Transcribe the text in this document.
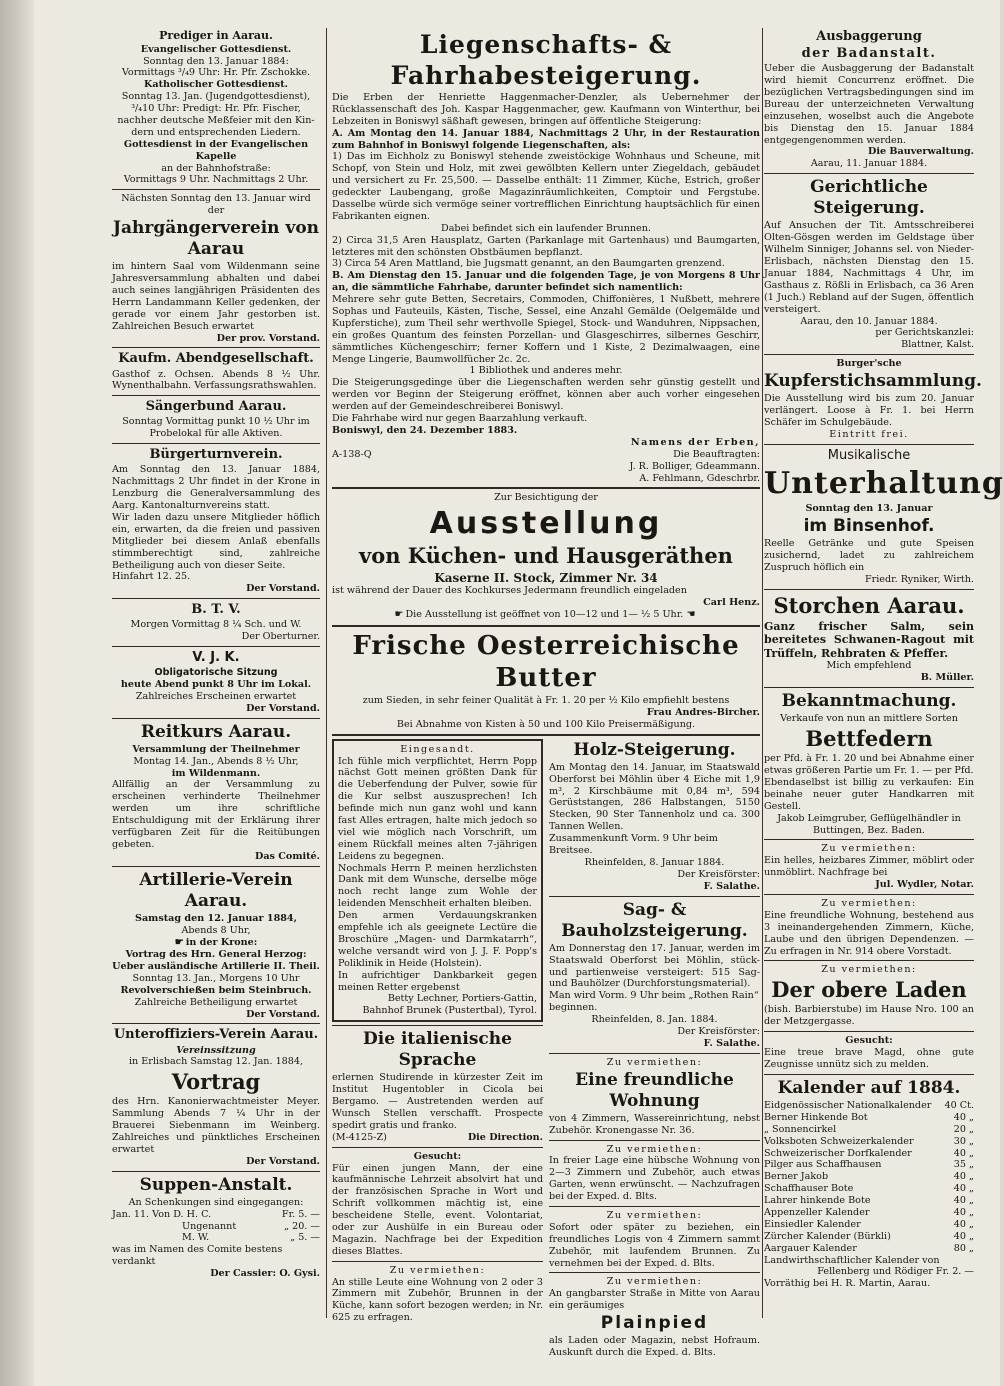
Prediger in Aarau.
Evangelischer Gottesdienst.
Sonntag den 13. Januar 1884:
Vormittags ³/₄9 Uhr: Hr. Pfr. Zschokke.
Katholischer Gottesdienst.
Sonntag 13. Jan. (Jugendgottesdienst),
³/₄10 Uhr: Predigt: Hr. Pfr. Fischer,
nachher deutsche Meßfeier mit den Kin-
dern und entsprechenden Liedern.
Gottesdienst in der Evangelischen Kapelle
an der Bahnhofstraße:
Vormittags 9 Uhr. Nachmittags 2 Uhr.
Nächsten Sonntag den 13. Januar wird der
Jahrgängerverein von Aarau
im hintern Saal vom Wildenmann seine Jahresversammlung abhalten und dabei auch seines langjährigen Präsidenten des Herrn Landammann Keller gedenken, der gerade vor einem Jahr gestorben ist. Zahlreichen Besuch erwartet
Der prov. Vorstand.
Kaufm. Abendgesellschaft.
Gasthof z. Ochsen. Abends 8 ½ Uhr. Wynenthalbahn. Verfassungsrathswahlen.
Sängerbund Aarau.
Sonntag Vormittag punkt 10 ½ Uhr im Probelokal für alle Aktiven.
Bürgerturnverein.
Am Sonntag den 13. Januar 1884, Nachmittags 2 Uhr findet in der Krone in Lenzburg die Generalversammlung des Aarg. Kantonalturnvereins statt.
Wir laden dazu unsere Mitglieder höflich ein, erwarten, da die freien und passiven Mitglieder bei diesem Anlaß ebenfalls stimmberechtigt sind, zahlreiche Betheiligung auch von dieser Seite.
Hinfahrt 12. 25.
Der Vorstand.
B. T. V.
Morgen Vormittag 8 ¼ Sch. und W.
Der Oberturner.
V. J. K.
Obligatorische Sitzung
heute Abend punkt 8 Uhr im Lokal.
Zahlreiches Erscheinen erwartet
Der Vorstand.
Reitkurs Aarau.
Versammlung der Theilnehmer
Montag 14. Jan., Abends 8 ½ Uhr,
im Wildenmann.
Allfällig an der Versammlung zu erscheinen verhinderte Theilnehmer werden um ihre schriftliche Entschuldigung mit der Erklärung ihrer verfügbaren Zeit für die Reitübungen gebeten.
Das Comité.
Artillerie-Verein Aarau.
Samstag den 12. Januar 1884,
Abends 8 Uhr,
☛ in der Krone:
Vortrag des Hrn. General Herzog:
Ueber ausländische Artillerie II. Theil.
Sonntag 13. Jan., Morgens 10 Uhr
Revolverschießen beim Steinbruch.
Zahlreiche Betheiligung erwartet
Der Vorstand.
Unteroffiziers-Verein Aarau.
Vereinssitzung
in Erlisbach Samstag 12. Jan. 1884,
Vortrag
des Hrn. Kanonierwachtmeister Meyer. Sammlung Abends 7 ¼ Uhr in der Brauerei Siebenmann im Weinberg. Zahlreiches und pünktliches Erscheinen erwartet
Der Vorstand.
Suppen-Anstalt.
An Schenkungen sind eingegangen:
Jan. 11. Von D. H. C.	Fr. 5. —
Ungenannt	„ 20. —
M. W.	„ 5. —
was im Namen des Comite bestens verdankt
Der Cassier: O. Gysi.
Liegenschafts- & Fahrhabesteigerung.
Die Erben der Henriette Haggenmacher-Denzler, als Uebernehmer der Rücklassenschaft des Joh. Kaspar Haggenmacher, gew. Kaufmann von Winterthur, bei Lebzeiten in Boniswyl säßhaft gewesen, bringen auf öffentliche Steigerung:
A. Am Montag den 14. Januar 1884, Nachmittags 2 Uhr, in der Restauration zum Bahnhof in Boniswyl folgende Liegenschaften, als:
1) Das im Eichholz zu Boniswyl stehende zweistöckige Wohnhaus und Scheune, mit Schopf, von Stein und Holz, mit zwei gewölbten Kellern unter Ziegeldach, gebäudet und versichert zu Fr. 25,500. — Dasselbe enthält: 11 Zimmer, Küche, Estrich, großer gedeckter Laubengang, große Magazinräumlichkeiten, Comptoir und Fergstube. Dasselbe würde sich vermöge seiner vortrefflichen Einrichtung hauptsächlich für einen Fabrikanten eignen.
Dabei befindet sich ein laufender Brunnen.
2) Circa 31,5 Aren Hausplatz, Garten (Parkanlage mit Gartenhaus) und Baumgarten, letzteres mit den schönsten Obstbäumen bepflanzt.
3) Circa 54 Aren Mattland, bie Jugsmatt genannt, an den Baumgarten grenzend.
B. Am Dienstag den 15. Januar und die folgenden Tage, je von Morgens 8 Uhr an, die sämmtliche Fahrhabe, darunter befindet sich namentlich:
Mehrere sehr gute Betten, Secretairs, Commoden, Chiffonières, 1 Nußbett, mehrere Sophas und Fauteuils, Kästen, Tische, Sessel, eine Anzahl Gemälde (Oelgemälde und Kupferstiche), zum Theil sehr werthvolle Spiegel, Stock- und Wanduhren, Nippsachen, ein großes Quantum des feinsten Porzellan- und Glasgeschirres, silbernes Geschirr, sämmtliches Küchengeschirr; ferner Koffern und 1 Kiste, 2 Dezimalwaagen, eine Menge Lingerie, Baumwollfücher 2c. 2c.
1 Bibliothek und anderes mehr.
Die Steigerungsgedinge über die Liegenschaften werden sehr günstig gestellt und werden vor Beginn der Steigerung eröffnet, können aber auch vorher eingesehen werden auf der Gemeindeschreiberei Boniswyl.
Die Fahrhabe wird nur gegen Baarzahlung verkauft.
Boniswyl, den 24. Dezember 1883.
Namens der Erben,
A-138-Q	Die Beauftragten:
J. R. Bolliger, Gdeammann.
A. Fehlmann, Gdeschrbr.
Zur Besichtigung der
Ausstellung
von Küchen- und Hausgeräthen
Kaserne II. Stock, Zimmer Nr. 34
ist während der Dauer des Kochkurses Jedermann freundlich eingeladen
Carl Henz.
☛ Die Ausstellung ist geöffnet von 10—12 und 1— ½ 5 Uhr. ☚
Frische Oesterreichische Butter
zum Sieden, in sehr feiner Qualität à Fr. 1. 20 per ½ Kilo empfiehlt bestens
Frau Andres-Bircher.
Bei Abnahme von Kisten à 50 und 100 Kilo Preisermäßigung.
Eingesandt.
Ich fühle mich verpflichtet, Herrn Popp nächst Gott meinen größten Dank für die Ueberfendung der Pulver, sowie für die Kur selbst auszusprechen! Ich befinde mich nun ganz wohl und kann fast Alles ertragen, halte mich jedoch so viel wie möglich nach Vorschrift, um einem Rückfall meines alten 7-jährigen Leidens zu begegnen.
Nochmals Herrn P. meinen herzlichsten Dank mit dem Wunsche, derselbe möge noch recht lange zum Wohle der leidenden Menschheit erhalten bleiben.
Den armen Verdauungskranken empfehle ich als geeignete Lectüre die Broschüre „Magen- und Darmkatarrh“, welche versandt wird von J. J. F. Popp's Poliklinik in Heide (Holstein).
In aufrichtiger Dankbarkeit gegen meinen Retter ergebenst
Betty Lechner, Portiers-Gattin,
Bahnhof Brunek (Pustertbal), Tyrol.
Die italienische Sprache
erlernen Studirende in kürzester Zeit im Institut Hugentobler in Cicola bei Bergamo. — Austretenden werden auf Wunsch Stellen verschafft. Prospecte spedirt gratis und franko.
(M-4125-Z)	Die Direction.
Gesucht:
Für einen jungen Mann, der eine kaufmännische Lehrzeit absolvirt hat und der französischen Sprache in Wort und Schrift vollkommen mächtig ist, eine bescheidene Stelle, event. Volontariat, oder zur Aushülfe in ein Bureau oder Magazin. Nachfrage bei der Expedition dieses Blattes.
Zu vermiethen:
An stille Leute eine Wohnung von 2 oder 3 Zimmern mit Zubehör, Brunnen in der Küche, kann sofort bezogen werden; in Nr. 625 zu erfragen.
Holz-Steigerung.
Am Montag den 14. Januar, im Staatswald Oberforst bei Möhlin über 4 Eiche mit 1,9 m³, 2 Kirschbäume mit 0,84 m³, 594 Gerüststangen, 286 Halbstangen, 5150 Stecken, 90 Ster Tannenholz und ca. 300 Tannen Wellen.
Zusammenkunft Vorm. 9 Uhr beim Breitsee.
Rheinfelden, 8. Januar 1884.
Der Kreisförster:
F. Salathe.
Sag- & Bauholzsteigerung.
Am Donnerstag den 17. Januar, werden im Staatswald Oberforst bei Möhlin, stück- und partienweise versteigert: 515 Sag- und Bauhölzer (Durchforstungsmaterial).
Man wird Vorm. 9 Uhr beim „Rothen Rain“ beginnen.
Rheinfelden, 8. Jan. 1884.
Der Kreisförster:
F. Salathe.
Zu vermiethen:
Eine freundliche Wohnung
von 4 Zimmern, Wassereinrichtung, nebst Zubehör. Kronengasse Nr. 36.
Zu vermiethen:
In freier Lage eine hübsche Wohnung von 2—3 Zimmern und Zubehör, auch etwas Garten, wenn erwünscht. — Nachzufragen bei der Exped. d. Blts.
Zu vermiethen:
Sofort oder später zu beziehen, ein freundliches Logis von 4 Zimmern sammt Zubehör, mit laufendem Brunnen. Zu vernehmen bei der Exped. d. Blts.
Zu vermiethen:
An gangbarster Straße in Mitte von Aarau ein geräumiges
Plainpied
als Laden oder Magazin, nebst Hofraum. Auskunft durch die Exped. d. Blts.
Ausbaggerung
der Badanstalt.
Ueber die Ausbaggerung der Badanstalt wird hiemit Concurrenz eröffnet. Die bezüglichen Vertragsbedingungen sind im Bureau der unterzeichneten Verwaltung einzusehen, woselbst auch die Angebote bis Dienstag den 15. Januar 1884 entgegengenommen werden.
Die Bauverwaltung.
Aarau, 11. Januar 1884.
Gerichtliche Steigerung.
Auf Ansuchen der Tit. Amtsschreiberei Olten-Gösgen werden im Geldstage über Wilhelm Sinniger, Johanns sel. von Nieder-Erlisbach, nächsten Dienstag den 15. Januar 1884, Nachmittags 4 Uhr, im Gasthaus z. Rößli in Erlisbach, ca 36 Aren (1 Juch.) Rebland auf der Sugen, öffentlich versteigert.
Aarau, den 10. Januar 1884.
per Gerichtskanzlei:
Blattner, Kalst.
Burger'sche
Kupferstichsammlung.
Die Ausstellung wird bis zum 20. Januar verlängert. Loose à Fr. 1. bei Herrn Schäfer im Schulgebäude.
Eintritt frei.
Musikalische
Unterhaltung
Sonntag den 13. Januar
im Binsenhof.
Reelle Getränke und gute Speisen zusichernd, ladet zu zahlreichem Zuspruch höflich ein
Friedr. Ryniker, Wirth.
Storchen Aarau.
Ganz frischer Salm, sein bereitetes Schwanen-Ragout mit Trüffeln, Rehbraten & Pfeffer.
Mich empfehlend
B. Müller.
Bekanntmachung.
Verkaufe von nun an mittlere Sorten
Bettfedern
per Pfd. à Fr. 1. 20 und bei Abnahme einer etwas größeren Partie um Fr. 1. — per Pfd.
Ebendaselbst ist billig zu verkaufen: Ein beinahe neuer guter Handkarren mit Gestell.
Jakob Leimgruber, Geflügelhändler in Buttingen, Bez. Baden.
Zu vermiethen:
Ein helles, heizbares Zimmer, möblirt oder unmöblirt. Nachfrage bei
Jul. Wydler, Notar.
Zu vermiethen:
Eine freundliche Wohnung, bestehend aus 3 ineinandergehenden Zimmern, Küche, Laube und den übrigen Dependenzen. — Zu erfragen in Nr. 914 obere Vorstadt.
Zu vermiethen:
Der obere Laden
(bish. Barbierstube) im Hause Nro. 100 an der Metzgergasse.
Gesucht:
Eine treue brave Magd, ohne gute Zeugnisse unnütz sich zu melden.
Kalender auf 1884.
Eidgenössischer Nationalkalender 40 Ct.
Berner Hinkende Bot	40 „
„ Sonnencirkel	20 „
Volksboten Schweizerkalender	30 „
Schweizerischer Dorfkalender	40 „
Pilger aus Schaffhausen	35 „
Berner Jakob	40 „
Schaffhauser Bote	40 „
Lahrer hinkende Bote	40 „
Appenzeller Kalender	40 „
Einsiedler Kalender	40 „
Zürcher Kalender (Bürkli)	40 „
Aargauer Kalender	80 „
Landwirthschaftlicher Kalender von
Fellenberg und Rödiger Fr. 2. —
Vorräthig bei H. R. Martin, Aarau.
